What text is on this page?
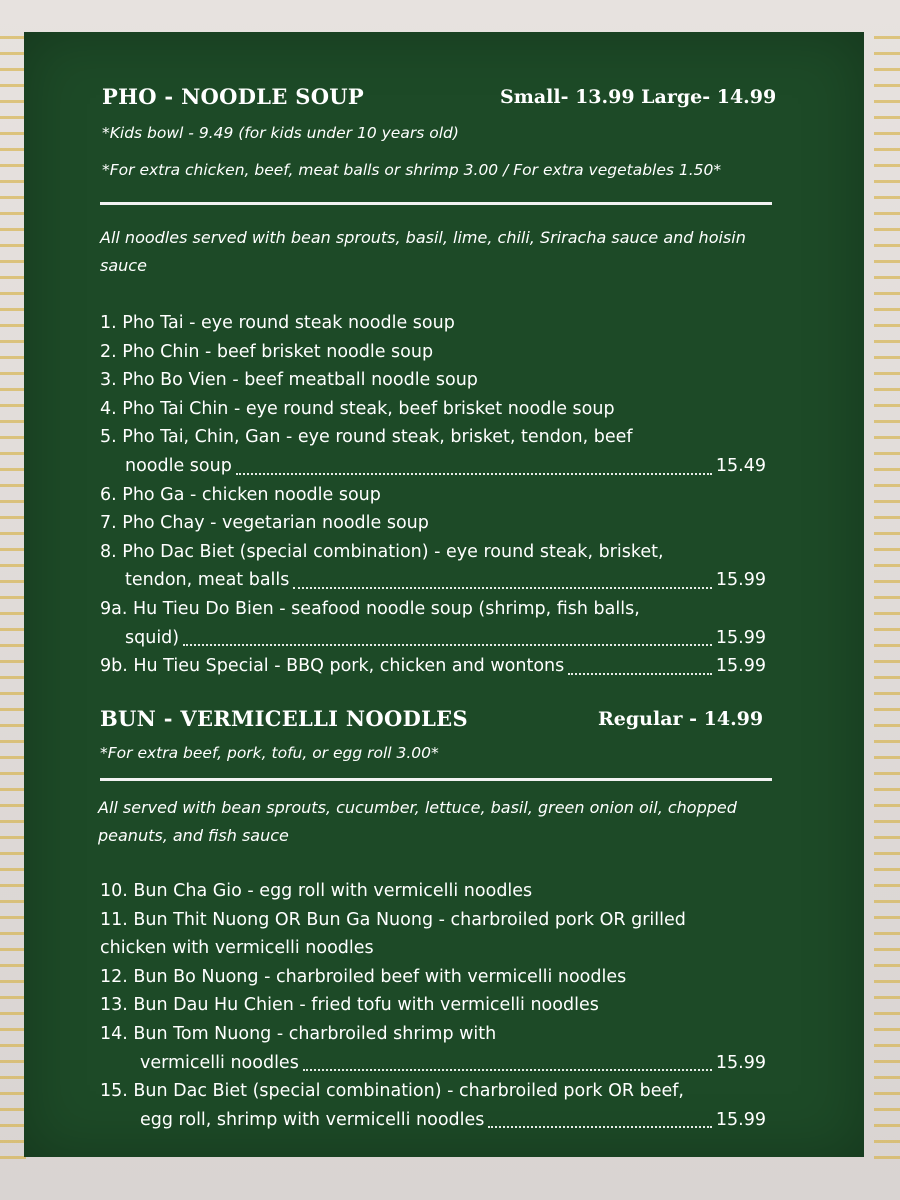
PHO - NOODLE SOUP	Small- 13.99 Large- 14.99
*Kids bowl - 9.49 (for kids under 10 years old)
*For extra chicken, beef, meat balls or shrimp 3.00 / For extra vegetables 1.50*
All noodles served with bean sprouts, basil, lime, chili, Sriracha sauce and hoisin sauce
1. Pho Tai - eye round steak noodle soup
2. Pho Chin - beef brisket noodle soup
3. Pho Bo Vien - beef meatball noodle soup
4. Pho Tai Chin - eye round steak, beef brisket noodle soup
5. Pho Tai, Chin, Gan - eye round steak, brisket, tendon, beef
noodle soup	15.49
6. Pho Ga - chicken noodle soup
7. Pho Chay - vegetarian noodle soup
8. Pho Dac Biet (special combination) - eye round steak, brisket,
tendon, meat balls	15.99
9a. Hu Tieu Do Bien - seafood noodle soup (shrimp, fish balls,
squid)	15.99
9b. Hu Tieu Special - BBQ pork, chicken and wontons	15.99
BUN - VERMICELLI NOODLES	Regular - 14.99
*For extra beef, pork, tofu, or egg roll 3.00*
All served with bean sprouts, cucumber, lettuce, basil, green onion oil, chopped peanuts, and fish sauce
10. Bun Cha Gio - egg roll with vermicelli noodles
11. Bun Thit Nuong OR Bun Ga Nuong - charbroiled pork OR grilled
chicken with vermicelli noodles
12. Bun Bo Nuong - charbroiled beef with vermicelli noodles
13. Bun Dau Hu Chien - fried tofu with vermicelli noodles
14. Bun Tom Nuong - charbroiled shrimp with
vermicelli noodles	15.99
15. Bun Dac Biet (special combination) - charbroiled pork OR beef,
egg roll, shrimp with vermicelli noodles	15.99
